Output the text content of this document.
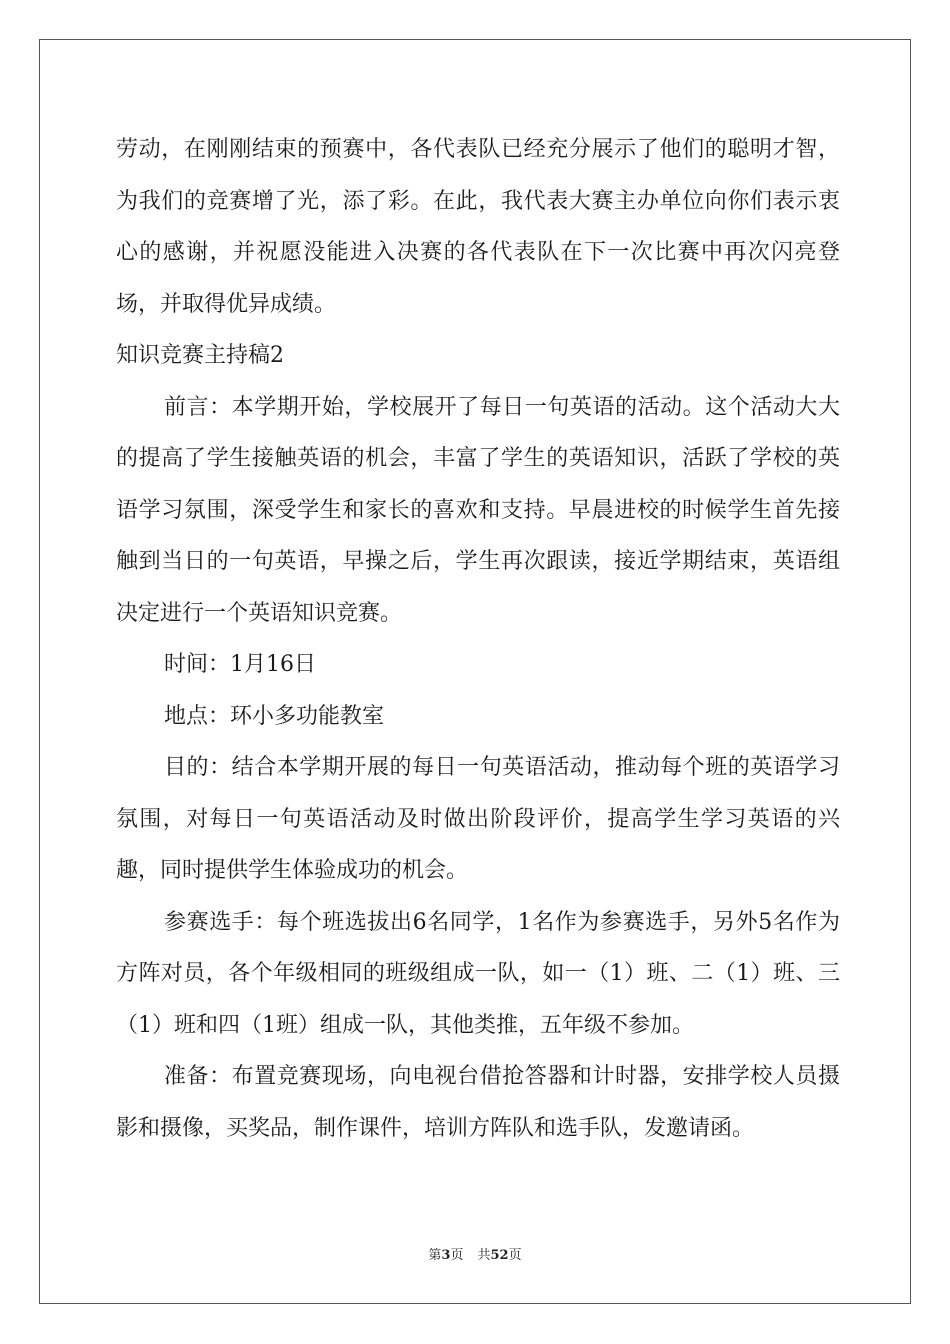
劳动，在刚刚结束的预赛中，各代表队已经充分展示了他们的聪明才智，为我们的竞赛增了光，添了彩。在此，我代表大赛主办单位向你们表示衷心的感谢，并祝愿没能进入决赛的各代表队在下一次比赛中再次闪亮登场，并取得优异成绩。

知识竞赛主持稿2

前言：本学期开始，学校展开了每日一句英语的活动。这个活动大大的提高了学生接触英语的机会，丰富了学生的英语知识，活跃了学校的英语学习氛围，深受学生和家长的喜欢和支持。早晨进校的时候学生首先接触到当日的一句英语，早操之后，学生再次跟读，接近学期结束，英语组决定进行一个英语知识竞赛。

时间：1月16日

地点：环小多功能教室

目的：结合本学期开展的每日一句英语活动，推动每个班的英语学习氛围，对每日一句英语活动及时做出阶段评价，提高学生学习英语的兴趣，同时提供学生体验成功的机会。

参赛选手：每个班选拔出6名同学，1名作为参赛选手，另外5名作为方阵对员，各个年级相同的班级组成一队，如一（1）班、二（1）班、三（1）班和四（1班）组成一队，其他类推，五年级不参加。

准备：布置竞赛现场，向电视台借抢答器和计时器，安排学校人员摄影和摄像，买奖品，制作课件，培训方阵队和选手队，发邀请函。

第3页 共52页
